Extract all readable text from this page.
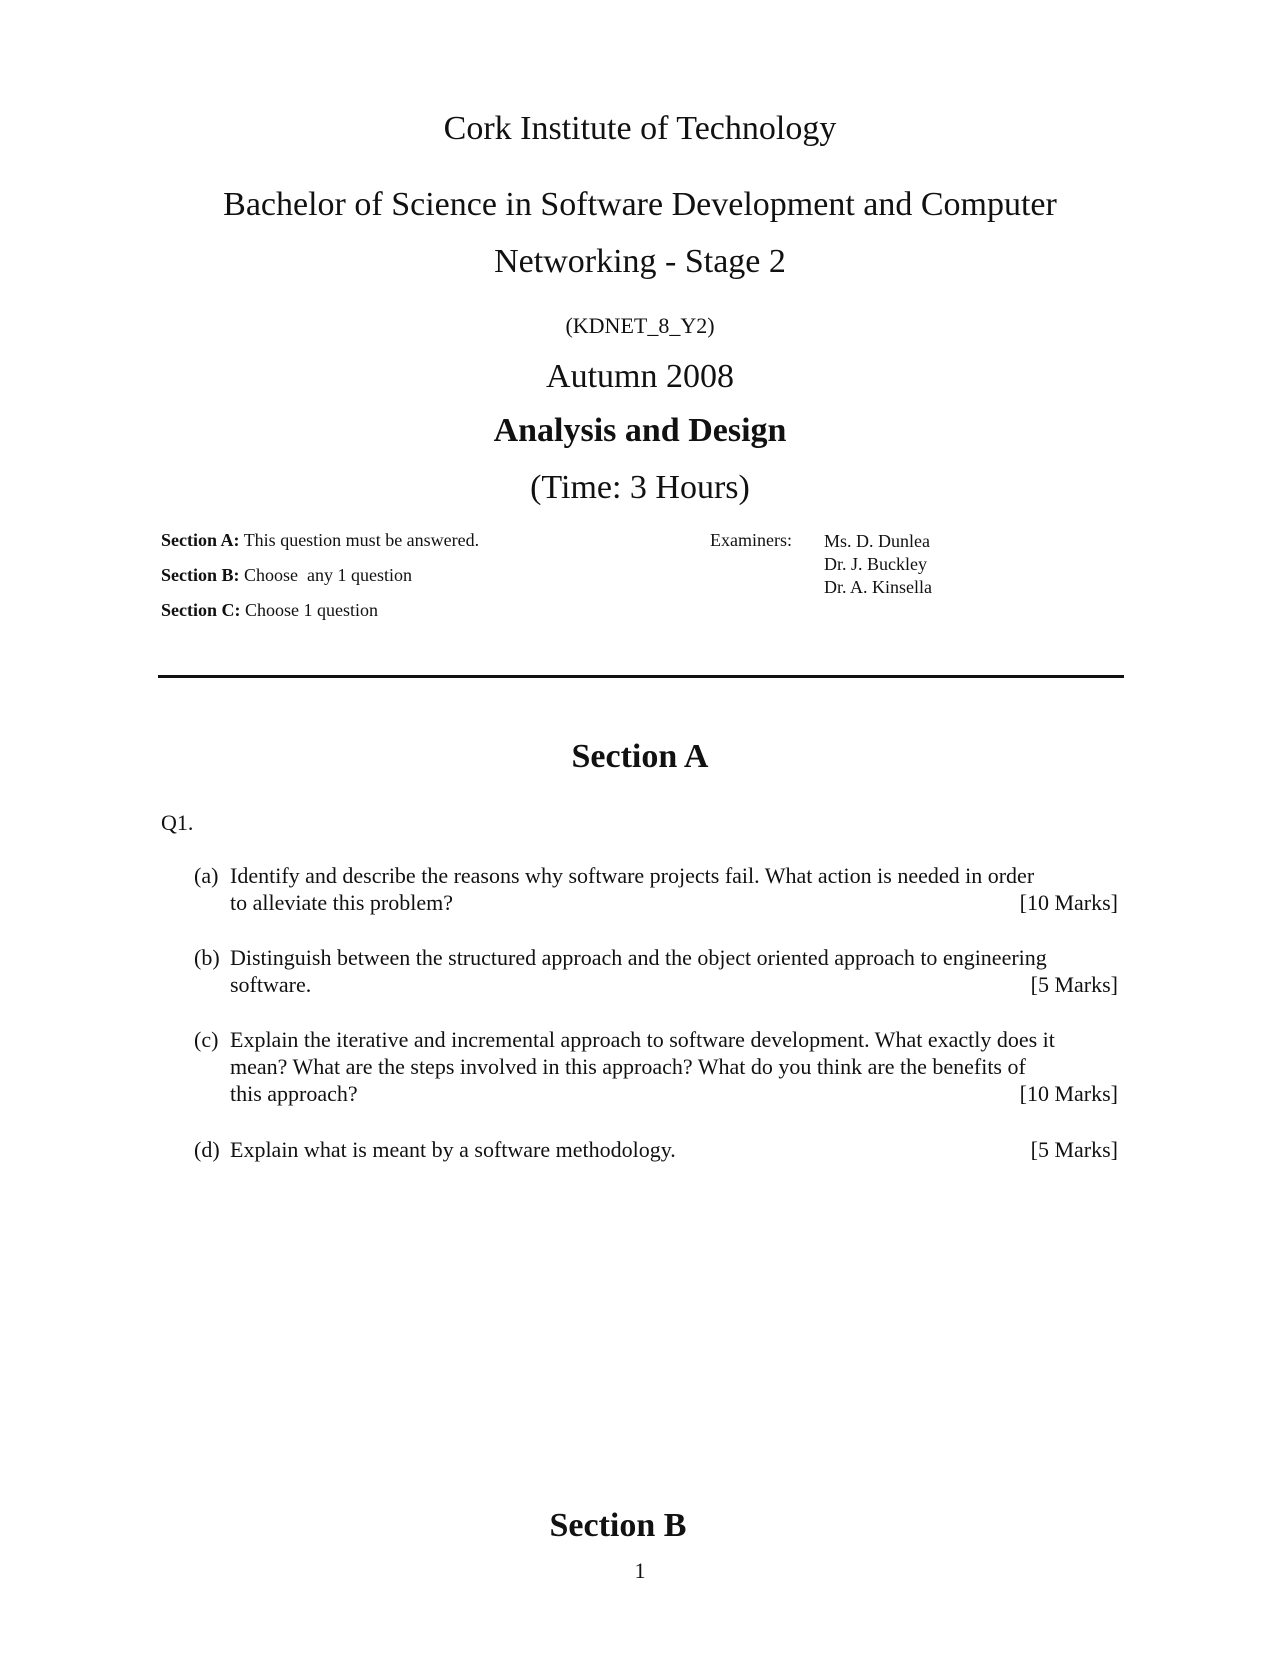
Cork Institute of Technology
Bachelor of Science in Software Development and Computer
Networking - Stage 2
(KDNET_8_Y2)
Autumn 2008
Analysis and Design
(Time: 3 Hours)
Section A: This question must be answered.
Section B: Choose  any 1 question
Section C: Choose 1 question
Examiners: Ms. D. Dunlea
Dr. J. Buckley
Dr. A. Kinsella
Section A
Q1.
(a) Identify and describe the reasons why software projects fail. What action is needed in order
to alleviate this problem?	[10 Marks]
(b) Distinguish between the structured approach and the object oriented approach to engineering
software.	[5 Marks]
(c) Explain the iterative and incremental approach to software development. What exactly does it
mean? What are the steps involved in this approach? What do you think are the benefits of
this approach?	[10 Marks]
(d) Explain what is meant by a software methodology.	[5 Marks]
Section B
1
